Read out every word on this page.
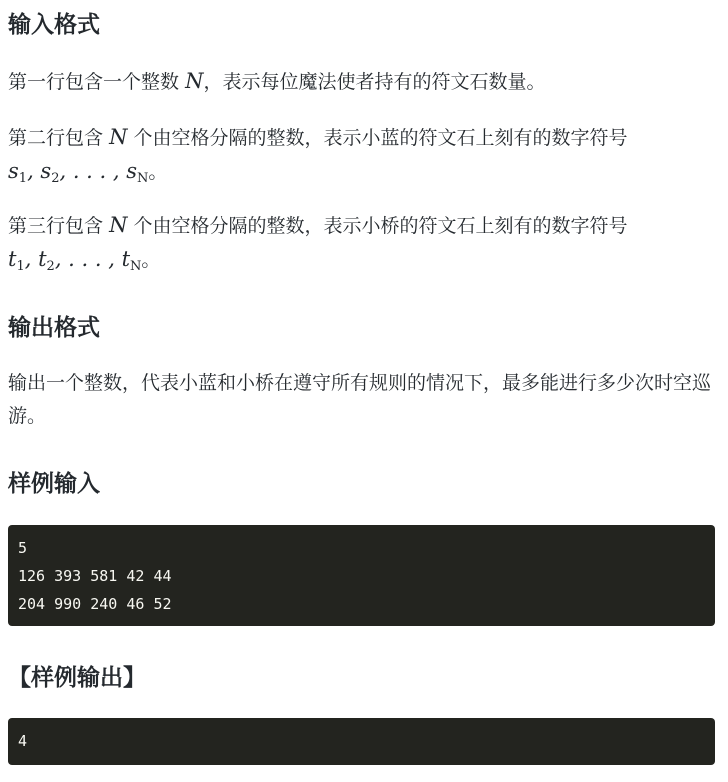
输入格式

第一行包含一个整数 N，表示每位魔法使者持有的符文石数量。

第二行包含 N 个由空格分隔的整数，表示小蓝的符文石上刻有的数字符号
$s_1$, $s_2$, . . . , $s_N$。

第三行包含 N 个由空格分隔的整数，表示小桥的符文石上刻有的数字符号
$t_1$, $t_2$, . . . , $t_N$。

输出格式

输出一个整数，代表小蓝和小桥在遵守所有规则的情况下，最多能进行多少次时空巡游。

样例输入
5
126 393 581 42 44
204 990 240 46 52
【样例输出】
4
